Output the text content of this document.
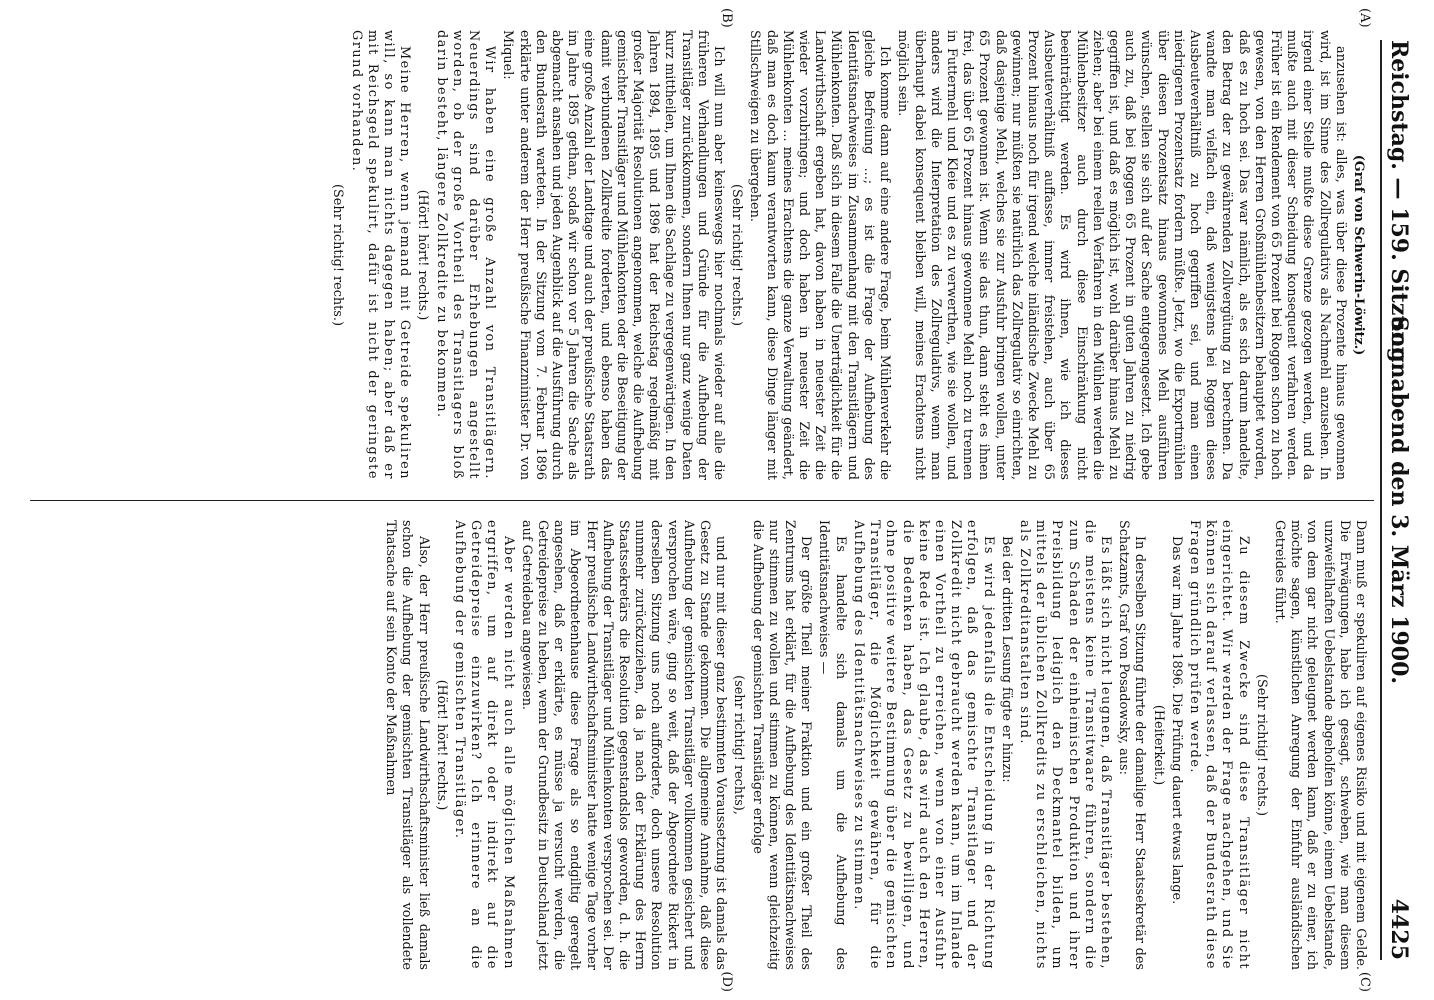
Reichstag. — 159. Sitzung.
Sonnabend den 3. März 1900.
4425
(A)
(B)
(C)
(D)

(Graf von Schwerin-Löwitz.)

anzusehen ist: alles, was über diese Prozente hinaus gewonnen wird, ist im Sinne des Zollregulativs als Nachmehl anzusehen. In irgend einer Stelle mußte diese Grenze gezogen werden, und da mußte auch mit dieser Scheidung konsequent verfahren werden. Früher ist ein Rendement von 65 Prozent bei Roggen schon zu hoch gewesen, von den Herren Großmühlenbesitzern behauptet worden, daß es zu hoch sei. Das war nämlich, als es sich darum handelte, den Betrag der zu gewährenden Zollvergütung zu berechnen. Da wandte man vielfach ein, daß wenigstens bei Roggen dieses Ausbeuteverhältniß zu hoch gegriffen sei, und man einen niedrigeren Prozentsatz fordern müßte. Jetzt, wo die Exportmühlen über diesen Prozentsatz hinaus gewonnenes Mehl ausführen wünschen, stellen sie sich auf der Sache entgegengesetzt. Ich gebe auch zu, daß bei Roggen 65 Prozent in guten Jahren zu niedrig gegriffen ist, und daß es möglich ist, wohl darüber hinaus Mehl zu ziehen; aber bei einem reellen Verfahren in den Mühlen werden die Mühlenbesitzer auch durch diese Einschränkung nicht beeinträchtigt werden. Es wird ihnen, wie ich dieses Ausbeuteverhältniß auffasse, immer freistehen, auch über 65 Prozent hinaus noch für irgend welche inländische Zwecke Mehl zu gewinnen; nur müßten sie natürlich das Zollregulativ so einrichten, daß dasjenige Mehl, welches sie zur Ausfuhr bringen wollen, unter 65 Prozent gewonnen ist. Wenn sie das thun, dann steht es ihnen frei, das über 65 Prozent hinaus gewonnene Mehl noch zu trennen in Futtermehl und Kleie und es zu verwerthen, wie sie wollen, und anders wird die Interpretation des Zollregulativs, wenn man überhaupt dabei konsequent bleiben will, meines Erachtens nicht möglich sein.

Ich komme dann auf eine andere Frage, beim Mühlenverkehr die gleiche Befreiung ...; es ist die Frage der Aufhebung des Identitätsnachweises im Zusammenhang mit den Transitlägern und Mühlenkonten. Daß sich in diesem Falle die Unerträglichkeit für die Landwirthschaft ergeben hat, davon haben in neuester Zeit die wieder vorzubringen; und doch haben in neuester Zeit die Mühlenkonten ... meines Erachtens die ganze Verwaltung geändert, daß man es doch kaum verantworten kann, diese Dinge länger mit Stillschweigen zu übergehen.

(Sehr richtig! rechts.)

Ich will nun aber keineswegs hier nochmals wieder auf alle die früheren Verhandlungen und Gründe für die Aufhebung der Transitläger zurückkommen, sondern Ihnen nur ganz wenige Daten kurz mittheilen, um Ihnen die Sachlage zu vergegenwärtigen. In den Jahren 1894, 1895 und 1896 hat der Reichstag regelmäßig mit großer Majorität Resolutionen angenommen, welche die Aufhebung gemischter Transitläger und Mühlenkonten oder die Beseitigung der damit verbundenen Zollkredite forderten, und ebenso haben das eine große Anzahl der Landtage und auch der preußische Staatsrath im Jahre 1895 gethan, sodaß wir schon vor 5 Jahren die Sache als abgemacht ansahen und jeden Augenblick auf die Ausführung durch den Bundesrath warteten. In der Sitzung vom 7. Februar 1896 erklärte unter anderem der Herr preußische Finanzminister Dr. von Miquel:

Wir haben eine große Anzahl von Transitlägern. Neuerdings sind darüber Erhebungen angestellt worden, ob der große Vortheil des Transitlagers bloß darin besteht, längere Zollkredite zu bekommen.

(Hört! hört! rechts.)

Meine Herren, wenn jemand mit Getreide spekuliren will, so kann man nichts dagegen haben; aber daß er mit Reichsgeld spekulirt, dafür ist nicht der geringste Grund vorhanden.

(Sehr richtig! rechts.)

Dann muß er spekuliren auf eigenes Risiko und mit eigenem Gelde. Die Erwägungen, habe ich gesagt, schweben, wie man diesem unzweifelhaften Uebelstande abgeholfen könne, einem Uebelstande, von dem gar nicht geleugnet werden kann, daß er zu einer, ich möchte sagen, künstlichen Anregung der Einfuhr ausländischen Getreides führt.

(Sehr richtig! rechts.)

Zu diesem Zwecke sind diese Transitläger nicht eingerichtet. Wir werden der Frage nachgehen, und Sie können sich darauf verlassen, daß der Bundesrath diese Fragen gründlich prüfen werde.

Das war im Jahre 1896. Die Prüfung dauert etwas lange.

(Heiterkeit.)

In derselben Sitzung führte der damalige Herr Staatssekretär des Schatzamts, Graf von Posadowsky, aus:

Es läßt sich nicht leugnen, daß Transitläger bestehen, die meistens keine Transitwaare führen, sondern die zum Schaden der einheimischen Produktion und ihrer Preisbildung lediglich den Deckmantel bilden, um mittels der üblichen Zollkredits zu erschleichen, nichts als Zollkreditanstalten sind.

Bei der dritten Lesung fügte er hinzu:

Es wird jedenfalls die Entscheidung in der Richtung erfolgen, daß das gemischte Transitlager und der Zollkredit nicht gebraucht werden kann, um im Inlande einen Vortheil zu erreichen, wenn von einer Ausfuhr keine Rede ist. Ich glaube, das wird auch den Herren, die Bedenken haben, das Gesetz zu bewilligen, und ohne positive weitere Bestimmung über die gemischten Transitläger, die Möglichkeit gewähren, für die Aufhebung des Identitätsnachweises zu stimmen.

Es handelte sich damals um die Aufhebung des Identitätsnachweises —

Der größte Theil meiner Fraktion und ein großer Theil des Zentrums hat erklärt, für die Aufhebung des Identitätsnachweises nur stimmen zu wollen und stimmen zu können, wenn gleichzeitig die Aufhebung der gemischten Transitläger erfolge

(sehr richtig! rechts),

und nur mit dieser ganz bestimmten Voraussetzung ist damals das Gesetz zu Stande gekommen. Die allgemeine Annahme, daß diese Aufhebung der gemischten Transitläger vollkommen gesichert und versprochen wäre, ging so weit, daß der Abgeordnete Rickert in derselben Sitzung uns noch aufforderte, doch unsere Resolution nunmehr zurückzuziehen, da ja nach der Erklärung des Herrn Staatssekretärs die Resolution gegenstandslos geworden, d. h. die Aufhebung der Transitläger und Mühlenkonten versprochen sei. Der Herr preußische Landwirthschaftsminister hatte wenige Tage vorher im Abgeordnetenhause diese Frage als so endgiltig geregelt angesehen, daß er erklärte, es müsse ja versucht werden, die Getreidepreise zu heben, wenn der Grundbesitz in Deutschland jetzt auf Getreidebau angewiesen.

Aber werden nicht auch alle möglichen Maßnahmen ergriffen, um auf direkt oder indirekt auf die Getreidepreise einzuwirken? Ich erinnere an die Aufhebung der gemischten Transitläger.

(Hört! hört! rechts.)

Also, der Herr preußische Landwirthschaftsminister ließ damals schon die Aufhebung der gemischten Transitläger als vollendete Thatsache auf sein Konto der Maßnahmen
